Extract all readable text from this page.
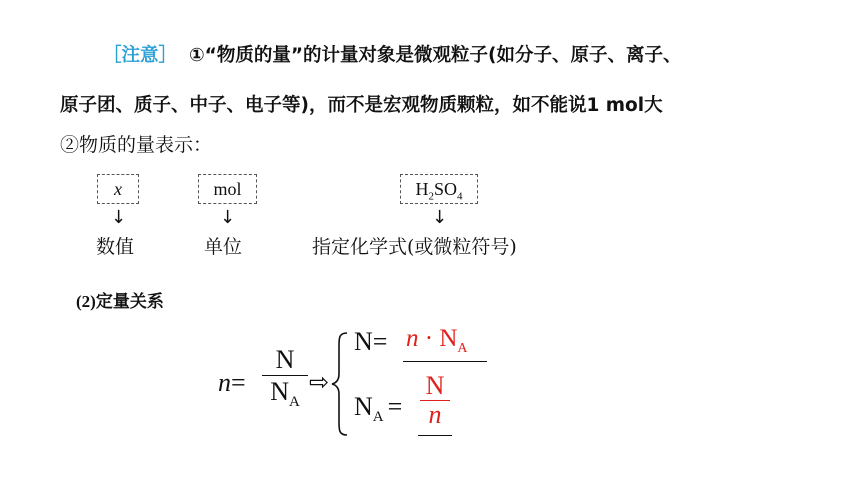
［注意］ ①“物质的量”的计量对象是微观粒子(如分子、原子、离子、
原子团、质子、中子、电子等)，而不是宏观物质颗粒，如不能说1 mol大
②物质的量表示：
x	mol	$H_2SO_4$
↓	↓	↓
数值	单位	指定化学式(或微粒符号)
(2)定量关系
n=
N
$N_A$
⇨
$N= n \cdot N_A$
$N_A$ =
N
n
